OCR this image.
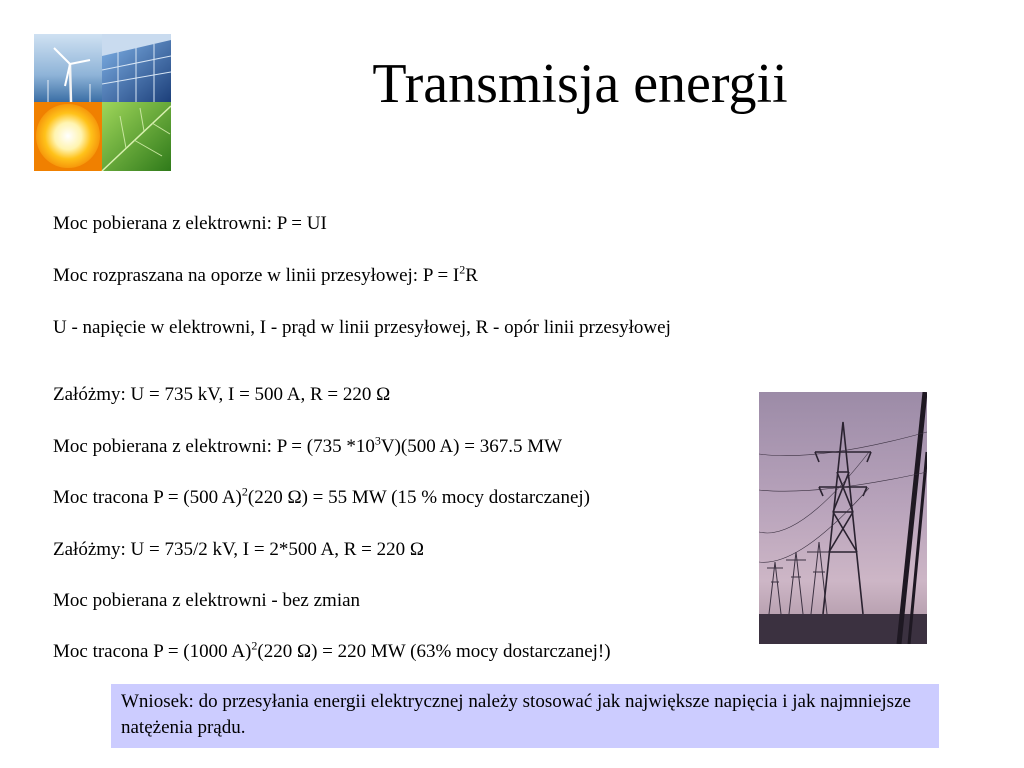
Transmisja energii

Moc pobierana z elektrowni: P = UI

Moc rozpraszana na oporze w linii przesyłowej: $P = I^2R$

U - napięcie w elektrowni, I - prąd w linii przesyłowej, R - opór linii przesyłowej

Załóżmy: U = 735 kV, I = 500 A, R = 220 Ω

Moc pobierana z elektrowni: P = (735 $*10^3V)(500$ A) = 367.5 MW

Moc tracona P = (500 A)$^2$(220 Ω) = 55 MW (15 % mocy dostarczanej)

Załóżmy: U = 735/2 kV, I = 2*500 A, R = 220 Ω

Moc pobierana z elektrowni - bez zmian

Moc tracona P = (1000 A)$^2$(220 Ω) = 220 MW (63% mocy dostarczanej!)

Wniosek: do przesyłania energii elektrycznej należy stosować jak największe napięcia i jak najmniejsze natężenia prądu.
